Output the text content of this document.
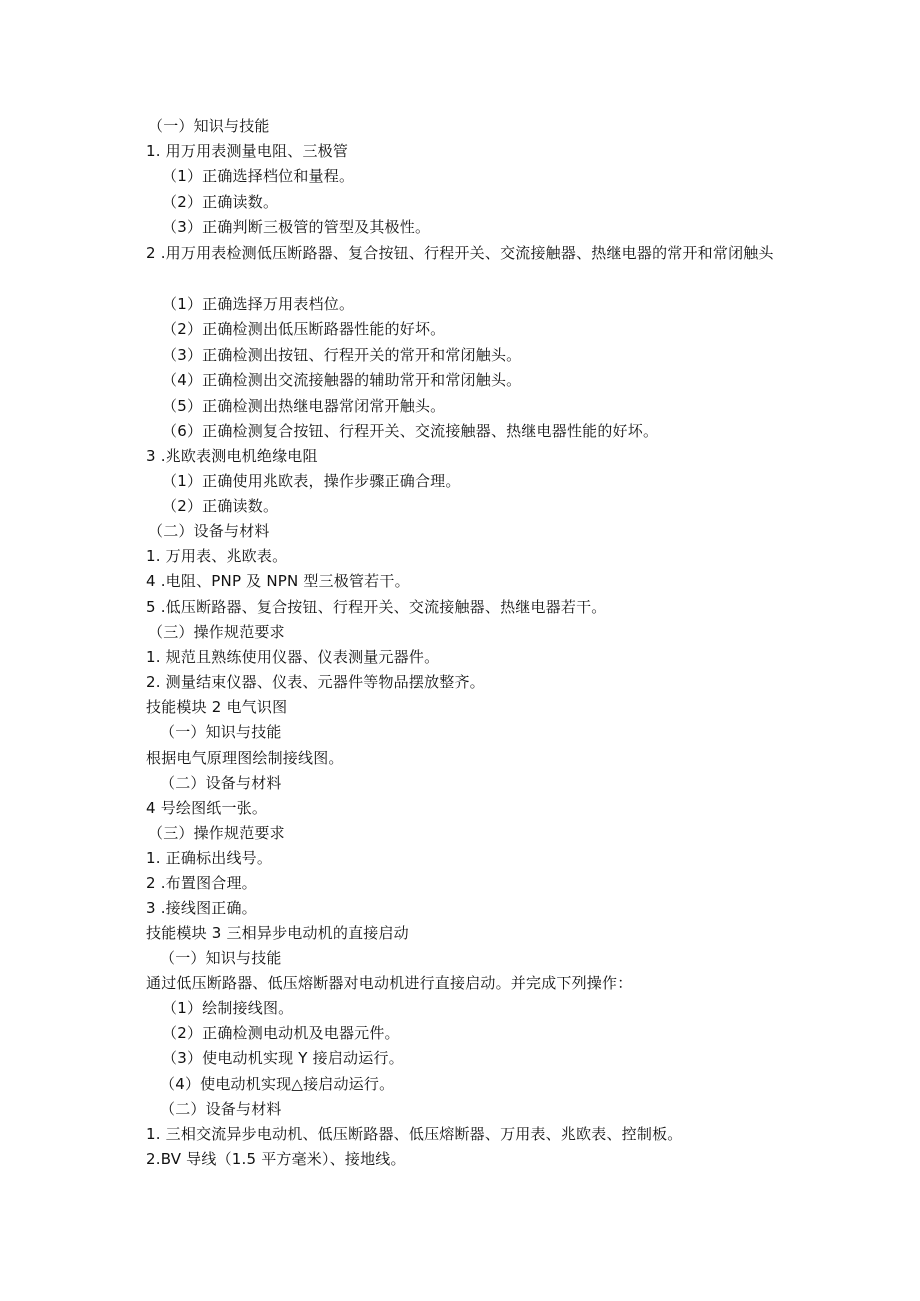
（一）知识与技能
1. 用万用表测量电阻、三极管
（1）正确选择档位和量程。
（2）正确读数。
（3）正确判断三极管的管型及其极性。
2 .用万用表检测低压断路器、复合按钮、行程开关、交流接触器、热继电器的常开和常闭触头
（1）正确选择万用表档位。
（2）正确检测出低压断路器性能的好坏。
（3）正确检测出按钮、行程开关的常开和常闭触头。
（4）正确检测出交流接触器的辅助常开和常闭触头。
（5）正确检测出热继电器常闭常开触头。
（6）正确检测复合按钮、行程开关、交流接触器、热继电器性能的好坏。
3 .兆欧表测电机绝缘电阻
（1）正确使用兆欧表，操作步骤正确合理。
（2）正确读数。
（二）设备与材料
1. 万用表、兆欧表。
4 .电阻、PNP 及 NPN 型三极管若干。
5 .低压断路器、复合按钮、行程开关、交流接触器、热继电器若干。
（三）操作规范要求
1. 规范且熟练使用仪器、仪表测量元器件。
2. 测量结束仪器、仪表、元器件等物品摆放整齐。
技能模块 2 电气识图
（一）知识与技能
根据电气原理图绘制接线图。
（二）设备与材料
4 号绘图纸一张。
（三）操作规范要求
1. 正确标出线号。
2 .布置图合理。
3 .接线图正确。
技能模块 3 三相异步电动机的直接启动
（一）知识与技能
通过低压断路器、低压熔断器对电动机进行直接启动。并完成下列操作：
（1）绘制接线图。
（2）正确检测电动机及电器元件。
（3）使电动机实现 Y 接启动运行。
（4）使电动机实现△接启动运行。
（二）设备与材料
1. 三相交流异步电动机、低压断路器、低压熔断器、万用表、兆欧表、控制板。
2.BV 导线（1.5 平方毫米）、接地线。
